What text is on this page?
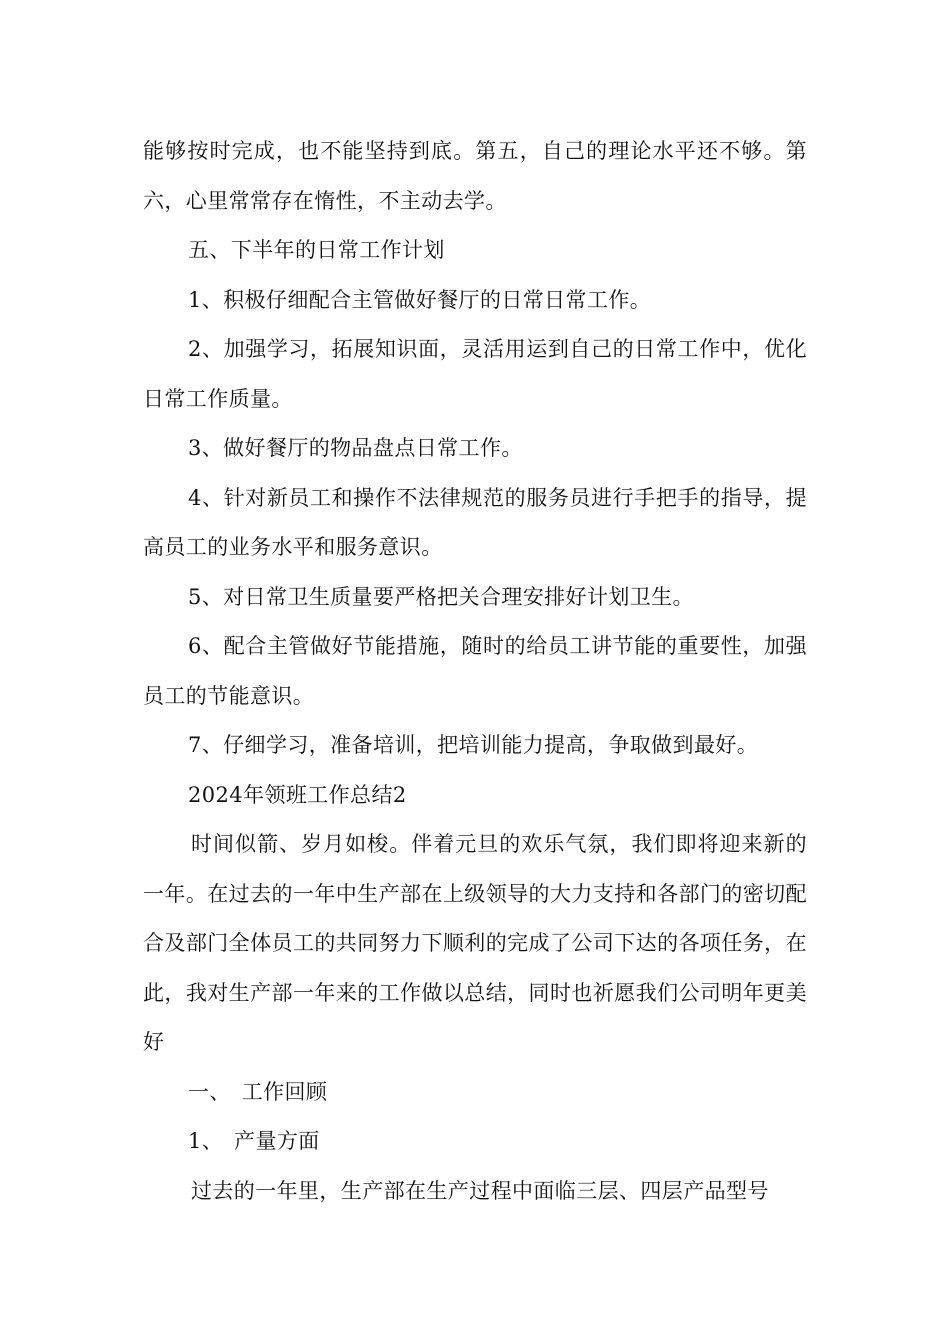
能够按时完成，也不能坚持到底。第五，自己的理论水平还不够。第六，心里常常存在惰性，不主动去学。

五、下半年的日常工作计划

1、积极仔细配合主管做好餐厅的日常日常工作。

2、加强学习，拓展知识面，灵活用运到自己的日常工作中，优化日常工作质量。

3、做好餐厅的物品盘点日常工作。

4、针对新员工和操作不法律规范的服务员进行手把手的指导，提高员工的业务水平和服务意识。

5、对日常卫生质量要严格把关合理安排好计划卫生。

6、配合主管做好节能措施，随时的给员工讲节能的重要性，加强员工的节能意识。

7、仔细学习，准备培训，把培训能力提高，争取做到最好。

2024年领班工作总结2

时间似箭、岁月如梭。伴着元旦的欢乐气氛，我们即将迎来新的一年。在过去的一年中生产部在上级领导的大力支持和各部门的密切配合及部门全体员工的共同努力下顺利的完成了公司下达的各项任务，在此，我对生产部一年来的工作做以总结，同时也祈愿我们公司明年更美好

一、　工作回顾

1、　产量方面

过去的一年里，生产部在生产过程中面临三层、四层产品型号
